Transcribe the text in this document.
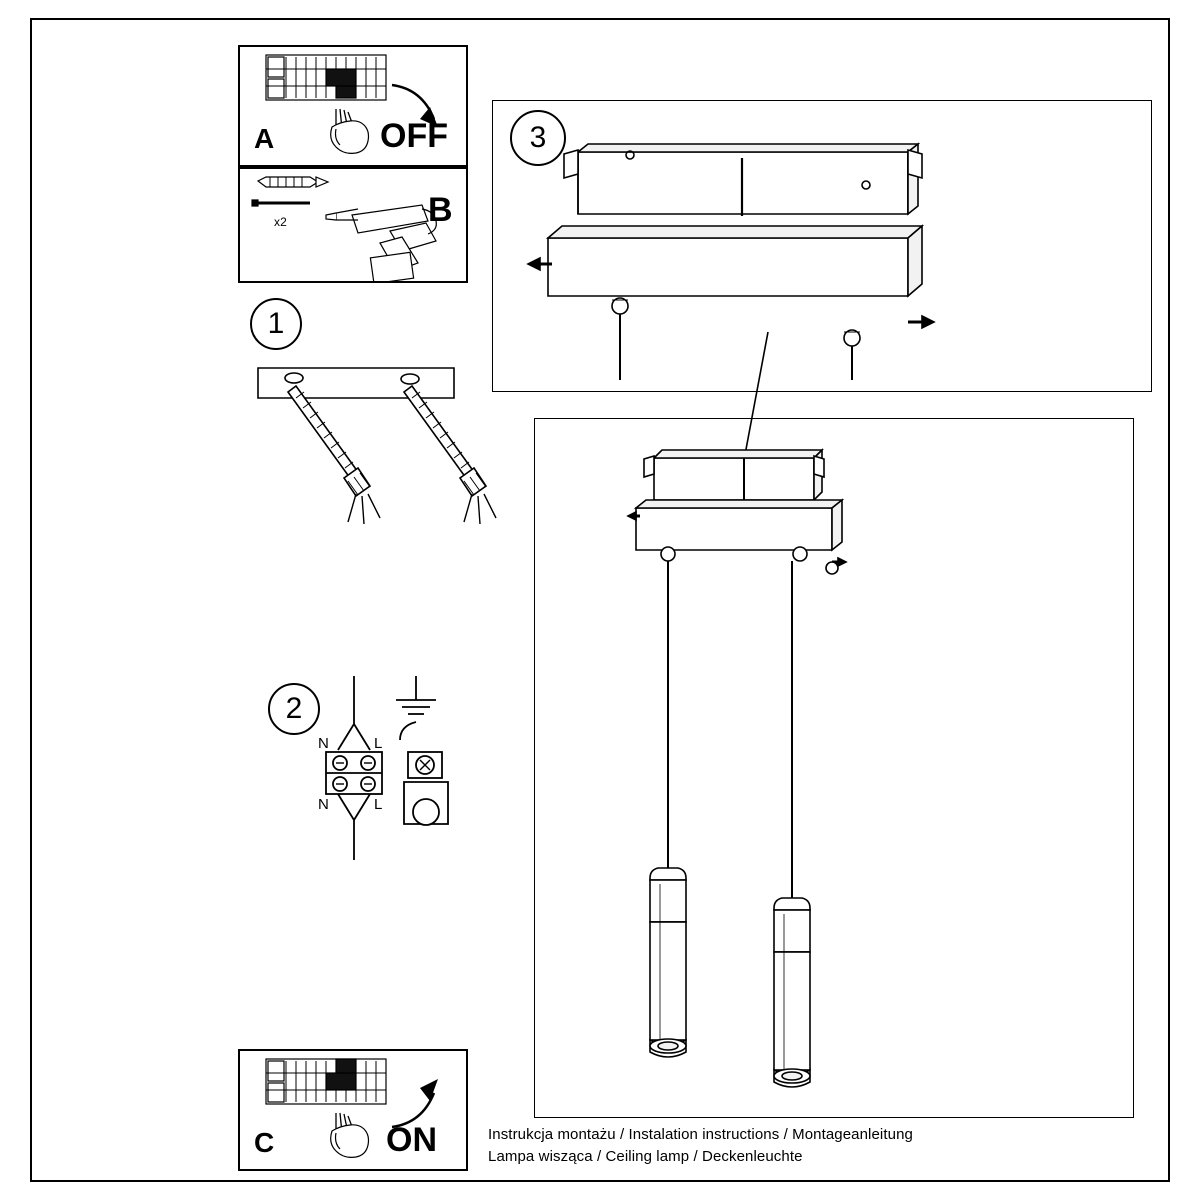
A	OFF
x2	B
1
2
N	L
N	L
C	ON
3
Instrukcja montażu / Instalation instructions / Montageanleitung
Lampa wisząca / Ceiling lamp / Deckenleuchte
